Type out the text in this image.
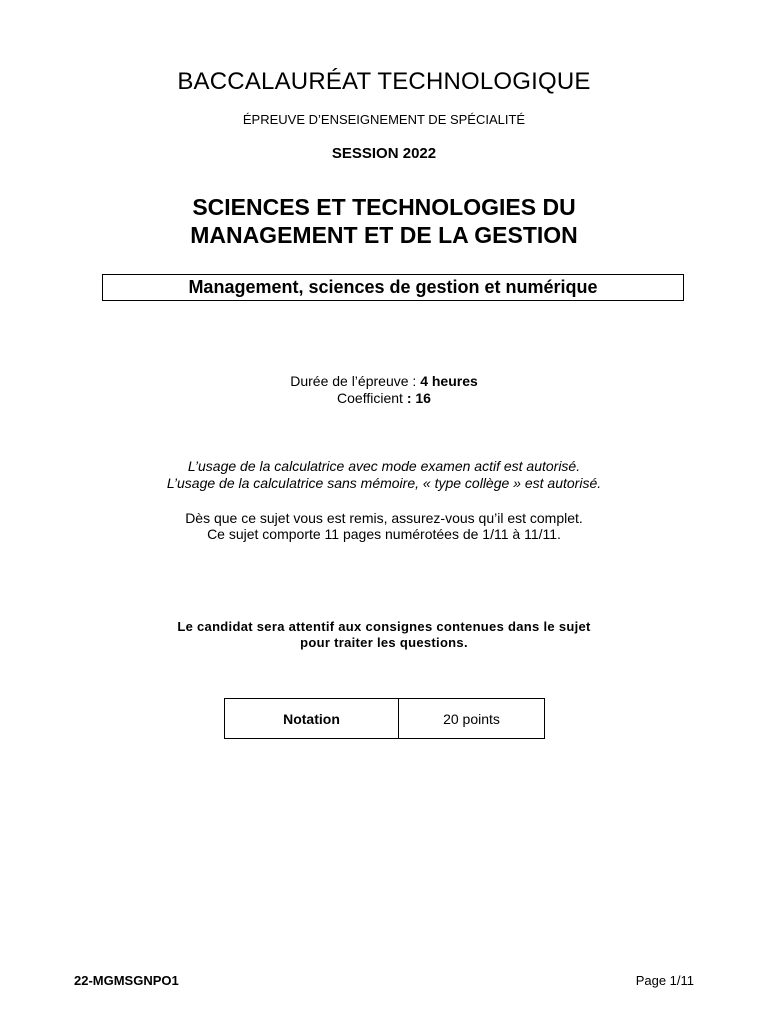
BACCALAURÉAT TECHNOLOGIQUE
ÉPREUVE D’ENSEIGNEMENT DE SPÉCIALITÉ
SESSION 2022
SCIENCES ET TECHNOLOGIES DU
MANAGEMENT ET DE LA GESTION
Management, sciences de gestion et numérique
Durée de l’épreuve : 4 heures
Coefficient : 16
L’usage de la calculatrice avec mode examen actif est autorisé.
L’usage de la calculatrice sans mémoire, « type collège » est autorisé.
Dès que ce sujet vous est remis, assurez-vous qu’il est complet.
Ce sujet comporte 11 pages numérotées de 1/11 à 11/11.
Le candidat sera attentif aux consignes contenues dans le sujet
pour traiter les questions.
Notation	20 points
22-MGMSGNPO1	Page 1/11
